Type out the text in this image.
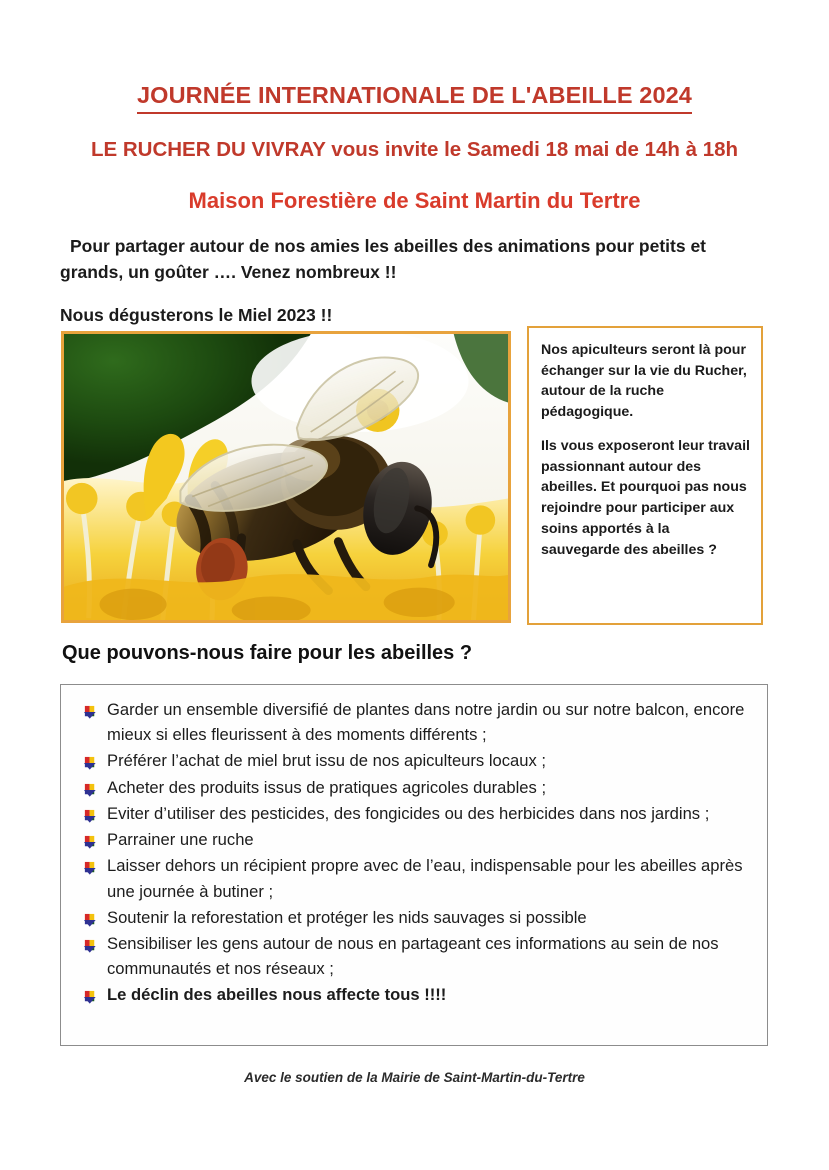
JOURNÉE INTERNATIONALE DE L'ABEILLE 2024
LE RUCHER DU VIVRAY vous invite le Samedi 18 mai de 14h à 18h
Maison Forestière de Saint Martin du Tertre
Pour partager autour de nos amies les abeilles des animations pour petits et grands, un goûter …. Venez nombreux !!
Nous dégusterons le Miel 2023 !!

Nos apiculteurs seront là pour échanger sur la vie du Rucher, autour de la ruche pédagogique.

Ils vous exposeront leur travail passionnant autour des abeilles. Et pourquoi pas nous rejoindre pour participer aux soins apportés à la sauvegarde des abeilles ?

Que pouvons-nous faire pour les abeilles ?
Garder un ensemble diversifié de plantes dans notre jardin ou sur notre balcon, encore mieux si elles fleurissent à des moments différents ;
Préférer l’achat de miel brut issu de nos apiculteurs locaux ;
Acheter des produits issus de pratiques agricoles durables ;
Eviter d’utiliser des pesticides, des fongicides ou des herbicides dans nos jardins ;
Parrainer une ruche
Laisser dehors un récipient propre avec de l’eau, indispensable pour les abeilles après une journée à butiner ;
Soutenir la reforestation et protéger les nids sauvages si possible
Sensibiliser les gens autour de nous en partageant ces informations au sein de nos communautés et nos réseaux ;
Le déclin des abeilles nous affecte tous !!!!
Avec le soutien de la Mairie de Saint-Martin-du-Tertre
